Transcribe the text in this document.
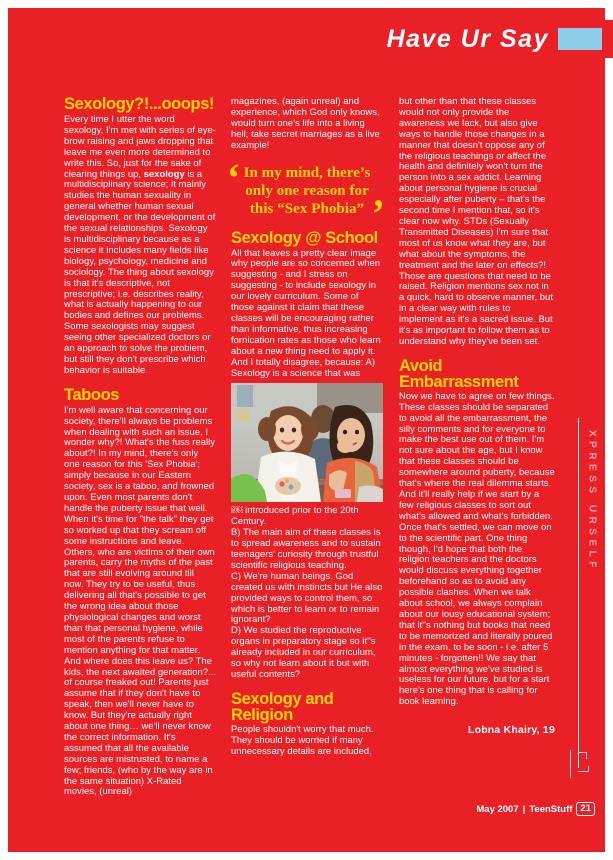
Have Ur Say
Sexology?!...ooops!

Every time I utter the word sexology, I'm met with series of eye-brow raising and jaws dropping that leave me even more determined to write this. So, just for the sake of clearing things up, sexology is a multidisciplinary science; it mainly studies the human sexuality in general whether human sexual development, or the development of the sexual relationships. Sexology is multidisciplinary because as a science it includes many fields like biology, psychology, medicine and sociology. The thing about sexology is that it's descriptive, not prescriptive; i.e. describes reality, what is actually happening to our bodies and defines our problems. Some sexologists may suggest seeing other specialized doctors or an approach to solve the problem, but still they don't prescribe which behavior is suitable.

Taboos

I'm well aware that concerning our society, there'll always be problems when dealing with such an issue, I wonder why?! What's the fuss really about?! In my mind, there's only one reason for this 'Sex Phobia'; simply because in our Eastern society, sex is a taboo, and frowned upon. Even most parents don't handle the puberty issue that well. When it's time for "the talk" they get so worked up that they scream off some instructions and leave. Others, who are victims of their own parents, carry the myths of the past that are still evolving around till now. They try to be useful, thus delivering all that's possible to get the wrong idea about those physiological changes and worst than that personal hygiene, while most of the parents refuse to mention anything for that matter. And where does this leave us? The kids, the next awaited generation?... of course freaked out! Parents just assume that if they don't have to speak, then we'll never have to know. But they're actually right about one thing… we'll never know the correct information. It's assumed that all the available sources are mistrusted, to name a few; friends, (who by the way are in the same situation) X-Rated movies, (unreal)

magazines, (again unreal) and experience, which God only knows, would turn one's life into a living hell; take secret marriages as a live example!

‘ In my mind, there’s only one reason for this “Sex Phobia” ’
Sexology @ School

All that leaves a pretty clear image why people are so concerned when suggesting - and I stress on suggesting - to include sexology in our lovely curriculum. Some of those against it claim that these classes will be encouraging rather than informative, thus increasing fornication rates as those who learn about a new thing need to apply it. And I totally disagree, because: A) Sexology is a science that was

i￼ introduced prior to the 20th Century.

B) The main aim of these classes is to spread awareness and to sustain teenagers' curiosity through trustful scientific religious teaching.

C) We're human beings. God created us with instincts but He also provided ways to control them, so which is better to learn or to remain ignorant?

D) We studied the reproductive organs in preparatory stage so it''s already included in our curriculum, so why not learn about it but with useful contents?

Sexology and Religion

People shouldn't worry that much. They should be worried if many unnecessary details are included,

but other than that these classes would not only provide the awareness we lack, but also give ways to handle those changes in a manner that doesn't oppose any of the religious teachings or affect the health and definitely won't turn the person into a sex addict. Learning about personal hygiene is crucial especially after puberty – that's the second time I mention that, so it's clear now why. STDs (Sexually Transmitted Diseases) I'm sure that most of us know what they are, but what about the symptoms, the treatment and the later on effects?! Those are questions that need to be raised. Religion mentions sex not in a quick, hard to observe manner, but in a clear way with rules to implement as it's a sacred issue. But it's as important to follow them as to understand why they've been set.

Avoid Embarrassment

Now we have to agree on few things. These classes should be separated to avoid all the embarrassment, the silly comments and for everyone to make the best use out of them. I'm not sure about the age, but I know that these classes should be somewhere around puberty, because that's where the real dilemma starts. And it'll really help if we start by a few religious classes to sort out what's allowed and what's forbidden. Once that's settled, we can move on to the scientific part. One thing though, I'd hope that both the religion teachers and the doctors would discuss everything together beforehand so as to avoid any possible clashes. When we talk about school, we always complain about our lousy educational system; that it''s nothing but books that need to be memorized and literally poured in the exam, to be soon - i.e. after 5 minutes - forgotten!! We say that almost everything we've studied is useless for our future, but for a start here's one thing that is calling for book learning.

Lobna Khairy, 19
XPRESS URSELF
May 2007 | TeenStuff 21
